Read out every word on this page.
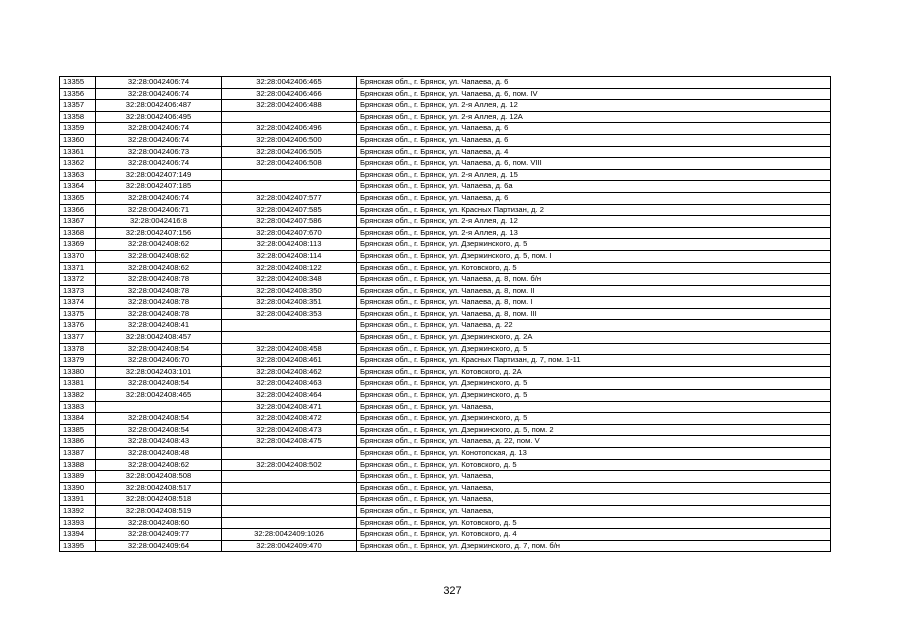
13355	32:28:0042406:74	32:28:0042406:465	Брянская обл., г. Брянск, ул. Чапаева, д. 6
13356	32:28:0042406:74	32:28:0042406:466	Брянская обл., г. Брянск, ул. Чапаева, д. 6, пом. IV
13357	32:28:0042406:487	32:28:0042406:488	Брянская обл., г. Брянск, ул. 2-я Аллея, д. 12
13358	32:28:0042406:495		Брянская обл., г. Брянск, ул. 2-я Аллея, д. 12А
13359	32:28:0042406:74	32:28:0042406:496	Брянская обл., г. Брянск, ул. Чапаева, д. 6
13360	32:28:0042406:74	32:28:0042406:500	Брянская обл., г. Брянск, ул. Чапаева, д. 6
13361	32:28:0042406:73	32:28:0042406:505	Брянская обл., г. Брянск, ул. Чапаева, д. 4
13362	32:28:0042406:74	32:28:0042406:508	Брянская обл., г. Брянск, ул. Чапаева, д. 6, пом. VIII
13363	32:28:0042407:149		Брянская обл., г. Брянск, ул. 2-я Аллея, д. 15
13364	32:28:0042407:185		Брянская обл., г. Брянск, ул. Чапаева, д. 6а
13365	32:28:0042406:74	32:28:0042407:577	Брянская обл., г. Брянск, ул. Чапаева, д. 6
13366	32:28:0042406:71	32:28:0042407:585	Брянская обл., г. Брянск, ул. Красных Партизан, д. 2
13367	32:28:0042416:8	32:28:0042407:586	Брянская обл., г. Брянск, ул. 2-я Аллея, д. 12
13368	32:28:0042407:156	32:28:0042407:670	Брянская обл., г. Брянск, ул. 2-я Аллея, д. 13
13369	32:28:0042408:62	32:28:0042408:113	Брянская обл., г. Брянск, ул. Дзержинского, д. 5
13370	32:28:0042408:62	32:28:0042408:114	Брянская обл., г. Брянск, ул. Дзержинского, д. 5, пом. I
13371	32:28:0042408:62	32:28:0042408:122	Брянская обл., г. Брянск, ул. Котовского, д. 5
13372	32:28:0042408:78	32:28:0042408:348	Брянская обл., г. Брянск, ул. Чапаева, д. 8, пом. б/н
13373	32:28:0042408:78	32:28:0042408:350	Брянская обл., г. Брянск, ул. Чапаева, д. 8, пом. II
13374	32:28:0042408:78	32:28:0042408:351	Брянская обл., г. Брянск, ул. Чапаева, д. 8, пом. I
13375	32:28:0042408:78	32:28:0042408:353	Брянская обл., г. Брянск, ул. Чапаева, д. 8, пом. III
13376	32:28:0042408:41		Брянская обл., г. Брянск, ул. Чапаева, д. 22
13377	32:28:0042408:457		Брянская обл., г. Брянск, ул. Дзержинского, д. 2А
13378	32:28:0042408:54	32:28:0042408:458	Брянская обл., г. Брянск, ул. Дзержинского, д. 5
13379	32:28:0042406:70	32:28:0042408:461	Брянская обл., г. Брянск, ул. Красных Партизан, д. 7, пом. 1-11
13380	32:28:0042403:101	32:28:0042408:462	Брянская обл., г. Брянск, ул. Котовского, д. 2А
13381	32:28:0042408:54	32:28:0042408:463	Брянская обл., г. Брянск, ул. Дзержинского, д. 5
13382	32:28:0042408:465	32:28:0042408:464	Брянская обл., г. Брянск, ул. Дзержинского, д. 5
13383		32:28:0042408:471	Брянская обл., г. Брянск, ул. Чапаева,
13384	32:28:0042408:54	32:28:0042408:472	Брянская обл., г. Брянск, ул. Дзержинского, д. 5
13385	32:28:0042408:54	32:28:0042408:473	Брянская обл., г. Брянск, ул. Дзержинского, д. 5, пом. 2
13386	32:28:0042408:43	32:28:0042408:475	Брянская обл., г. Брянск, ул. Чапаева, д. 22, пом. V
13387	32:28:0042408:48		Брянская обл., г. Брянск, ул. Конотопская, д. 13
13388	32:28:0042408:62	32:28:0042408:502	Брянская обл., г. Брянск, ул. Котовского, д. 5
13389	32:28:0042408:508		Брянская обл., г. Брянск, ул. Чапаева,
13390	32:28:0042408:517		Брянская обл., г. Брянск, ул. Чапаева,
13391	32:28:0042408:518		Брянская обл., г. Брянск, ул. Чапаева,
13392	32:28:0042408:519		Брянская обл., г. Брянск, ул. Чапаева,
13393	32:28:0042408:60		Брянская обл., г. Брянск, ул. Котовского, д. 5
13394	32:28:0042409:77	32:28:0042409:1026	Брянская обл., г. Брянск, ул. Котовского, д. 4
13395	32:28:0042409:64	32:28:0042409:470	Брянская обл., г. Брянск, ул. Дзержинского, д. 7, пом. б/н
327
